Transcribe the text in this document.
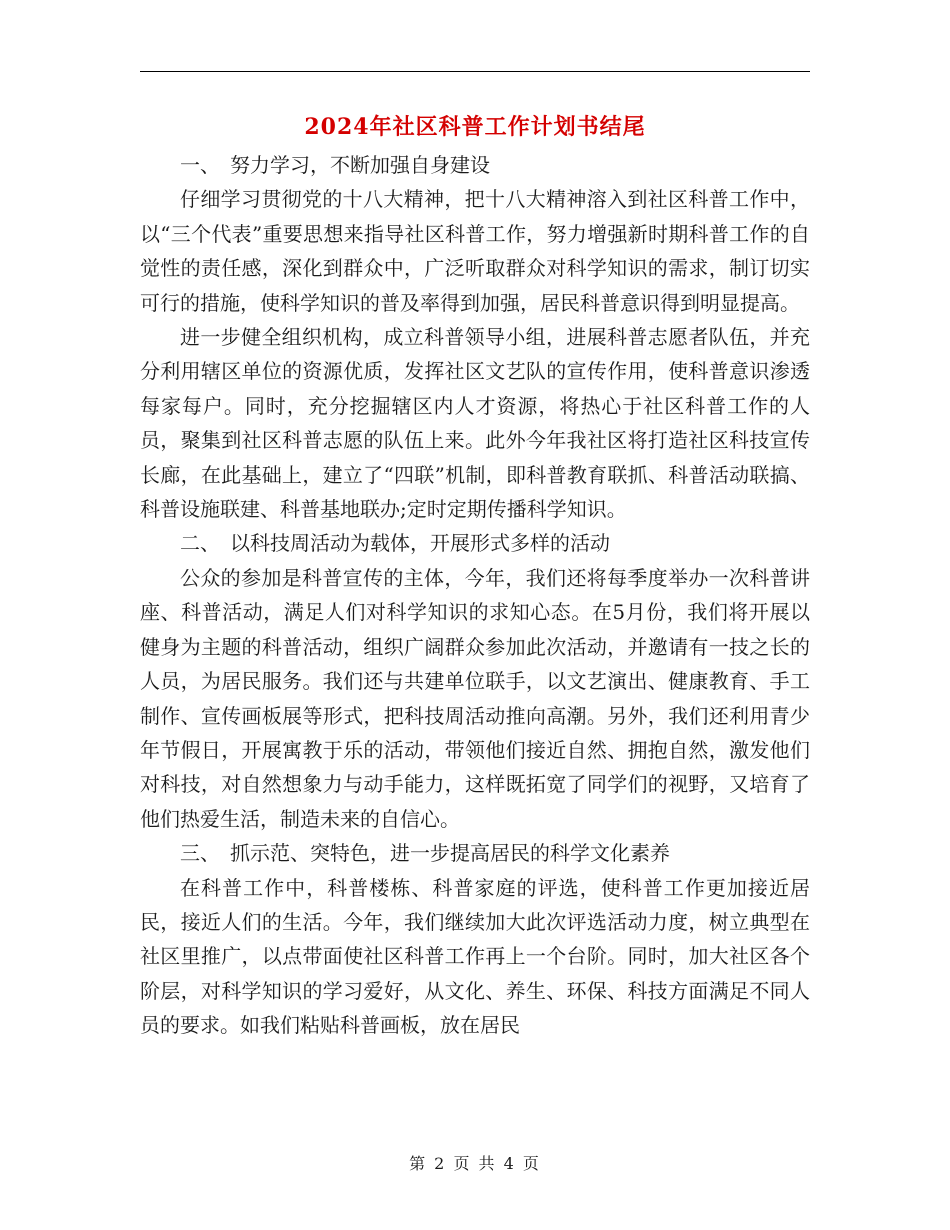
2024年社区科普工作计划书结尾

一、　努力学习，不断加强自身建设

仔细学习贯彻党的十八大精神，把十八大精神溶入到社区科普工作中，以“三个代表”重要思想来指导社区科普工作，努力增强新时期科普工作的自觉性的责任感，深化到群众中，广泛听取群众对科学知识的需求，制订切实可行的措施，使科学知识的普及率得到加强，居民科普意识得到明显提高。

进一步健全组织机构，成立科普领导小组，进展科普志愿者队伍，并充分利用辖区单位的资源优质，发挥社区文艺队的宣传作用，使科普意识渗透每家每户。同时，充分挖掘辖区内人才资源，将热心于社区科普工作的人员，聚集到社区科普志愿的队伍上来。此外今年我社区将打造社区科技宣传长廊，在此基础上，建立了“四联”机制，即科普教育联抓、科普活动联搞、科普设施联建、科普基地联办;定时定期传播科学知识。

二、　以科技周活动为载体，开展形式多样的活动

公众的参加是科普宣传的主体，今年，我们还将每季度举办一次科普讲座、科普活动，满足人们对科学知识的求知心态。在5月份，我们将开展以健身为主题的科普活动，组织广阔群众参加此次活动，并邀请有一技之长的人员，为居民服务。我们还与共建单位联手，以文艺演出、健康教育、手工制作、宣传画板展等形式，把科技周活动推向高潮。另外，我们还利用青少年节假日，开展寓教于乐的活动，带领他们接近自然、拥抱自然，激发他们对科技，对自然想象力与动手能力，这样既拓宽了同学们的视野，又培育了他们热爱生活，制造未来的自信心。

三、　抓示范、突特色，进一步提高居民的科学文化素养

在科普工作中，科普楼栋、科普家庭的评选，使科普工作更加接近居民，接近人们的生活。今年，我们继续加大此次评选活动力度，树立典型在社区里推广，以点带面使社区科普工作再上一个台阶。同时，加大社区各个阶层，对科学知识的学习爱好，从文化、养生、环保、科技方面满足不同人员的要求。如我们粘贴科普画板，放在居民

第 2 页 共 4 页
